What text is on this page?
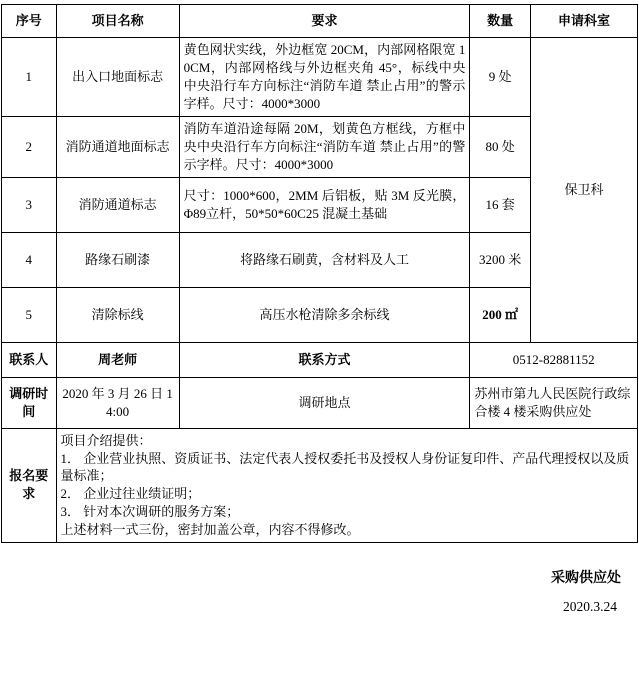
序号	项目名称	要求	数量	申请科室
1	出入口地面标志	黄色网状实线，外边框宽 20CM，内部网格限宽 10CM，内部网格线与外边框夹角 45°，标线中央中央沿行车方向标注“消防车道 禁止占用”的警示字样。尺寸：4000*3000	9 处	保卫科
2	消防通道地面标志	消防车道沿途每隔 20M，划黄色方框线，方框中央中央沿行车方向标注“消防车道 禁止占用”的警示字样。尺寸：4000*3000	80 处	
3	消防通道标志	尺寸：1000*600，2MM 后铝板，贴 3M 反光膜，Φ89立杆，50*50*60C25 混凝土基础	16 套	
4	路缘石刷漆	将路缘石刷黄，含材料及人工	3200 米	
5	清除标线	高压水枪清除多余标线	200 ㎡	
联系人	周老师	联系方式	0512-82881152	
调研时间	2020 年 3 月 26 日 14:00	调研地点	苏州市第九人民医院行政综合楼 4 楼采购供应处	
报名要求	项目介绍提供：

1． 企业营业执照、资质证书、法定代表人授权委托书及授权人身份证复印件、产品代理授权以及质量标准；

2． 企业过往业绩证明；

3． 针对本次调研的服务方案；

上述材料一式三份，密封加盖公章，内容不得修改。			

采购供应处
2020.3.24
